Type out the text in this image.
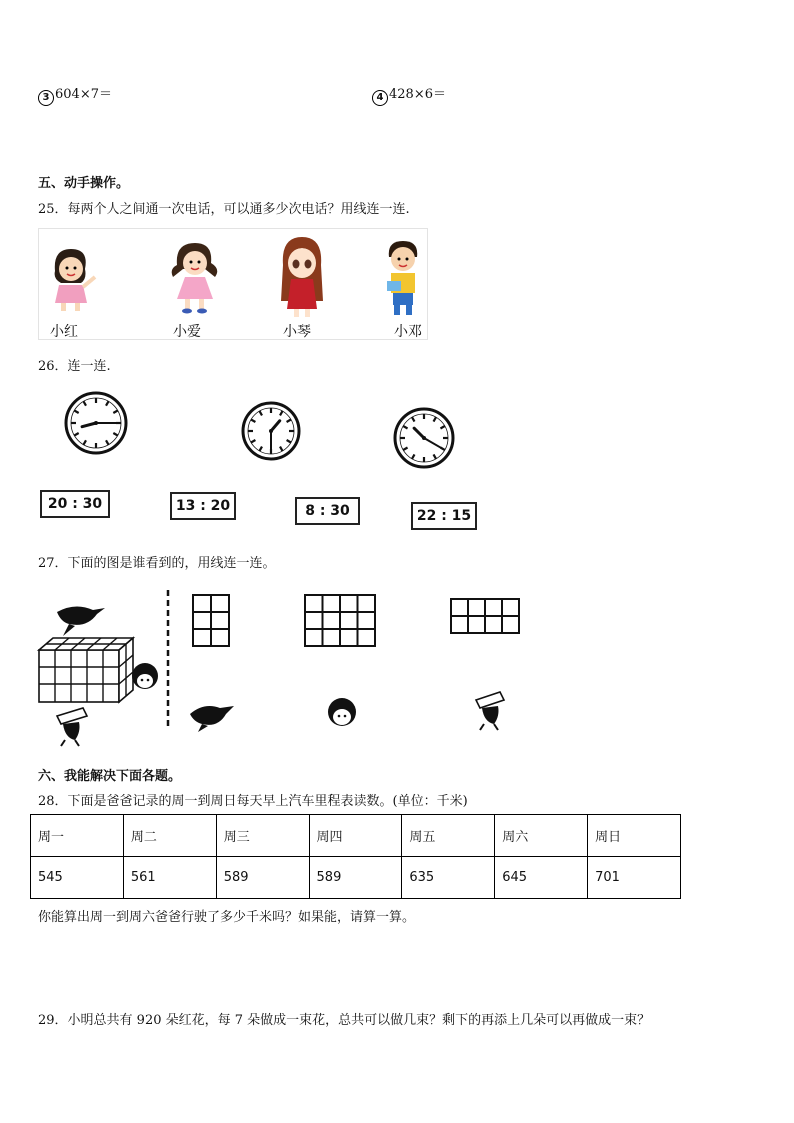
3 604×7＝	4 428×6＝
五、动手操作。
25．每两个人之间通一次电话，可以通多少次电话？用线连一连.
小红	小爱	小琴	小邓
26．连一连.
20 : 30	13 : 20	8 : 30	22 : 15
27．下面的图是谁看到的，用线连一连。
六、我能解决下面各题。
28．下面是爸爸记录的周一到周日每天早上汽车里程表读数。(单位：千米)
周一	周二	周三	周四	周五	周六	周日
545	561	589	589	635	645	701
你能算出周一到周六爸爸行驶了多少千米吗？如果能，请算一算。
29．小明总共有 920 朵红花，每 7 朵做成一束花，总共可以做几束？剩下的再添上几朵可以再做成一束？
